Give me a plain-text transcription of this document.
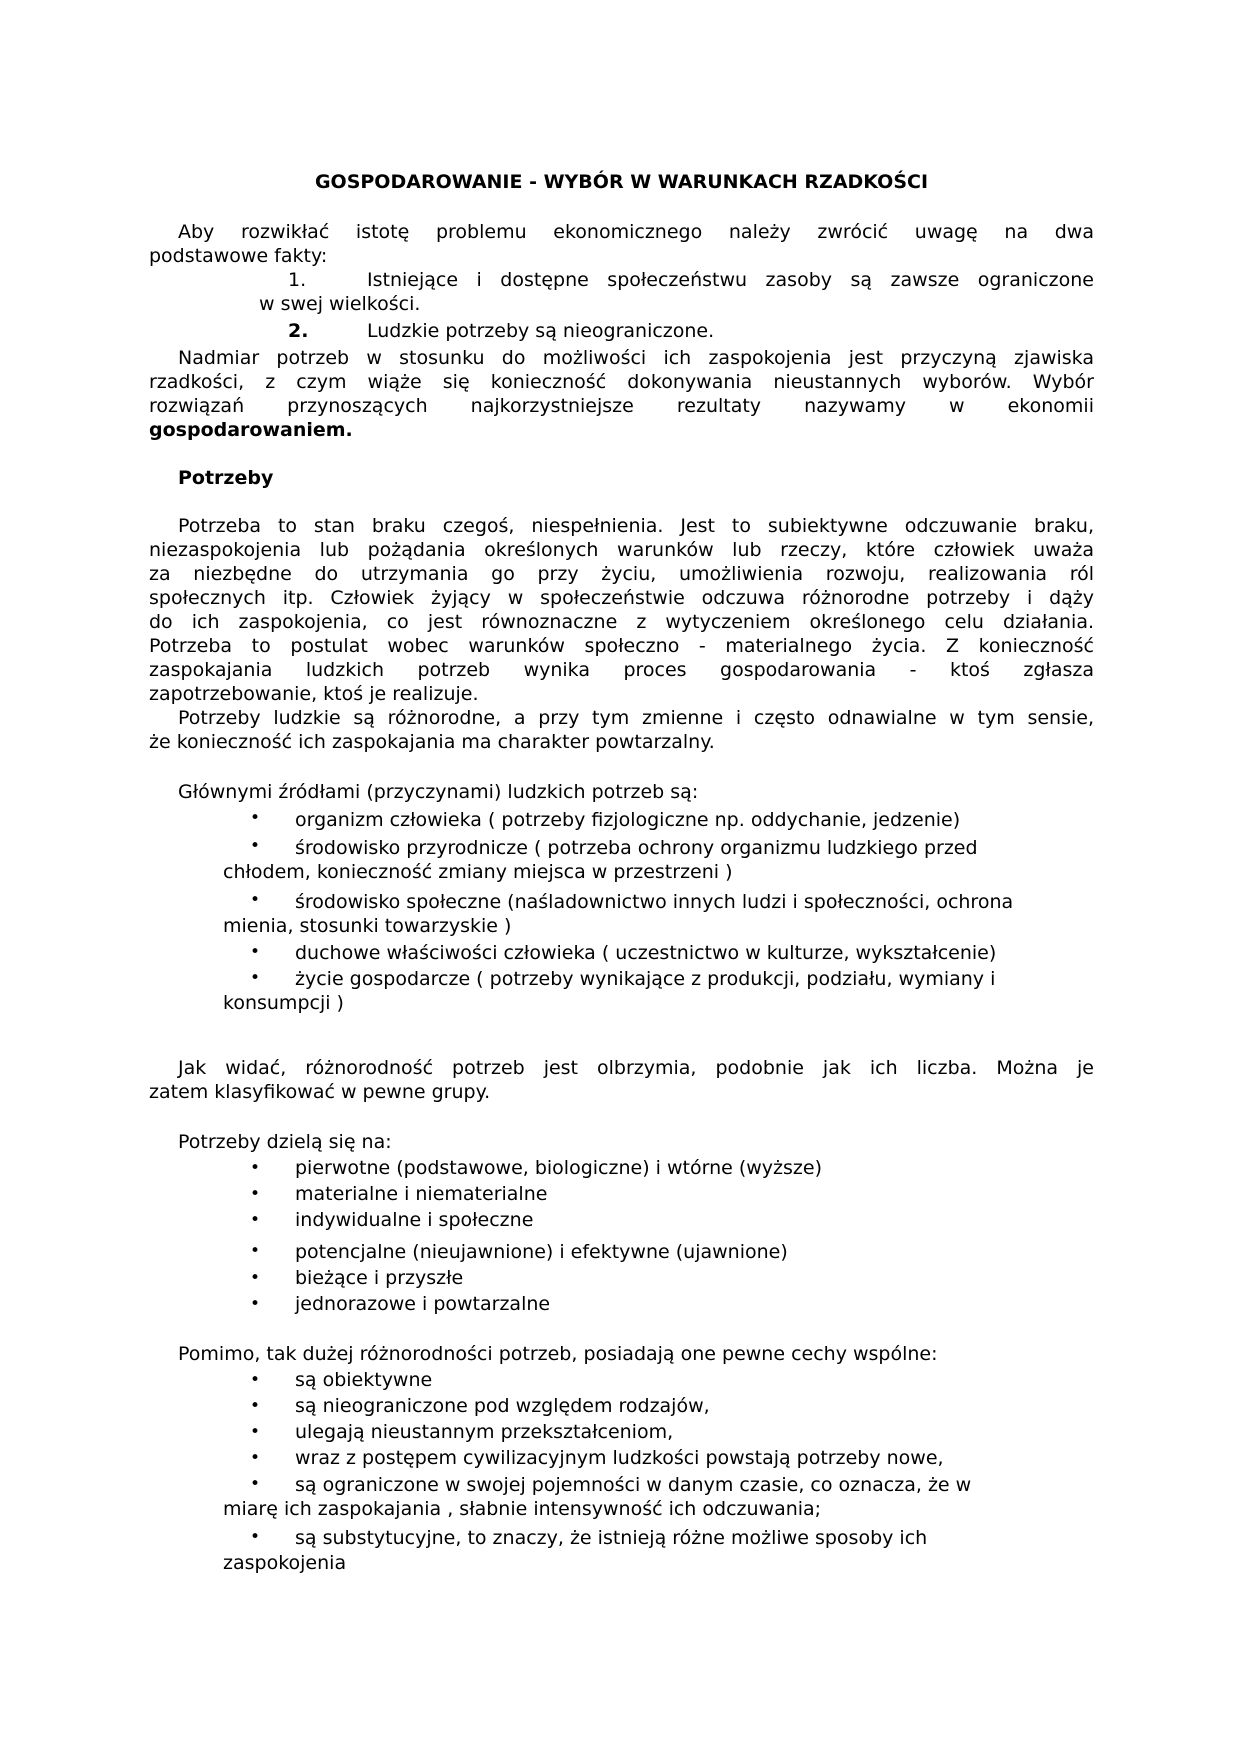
GOSPODAROWANIE - WYBÓR W WARUNKACH RZADKOŚCI
Aby rozwikłać istotę problemu ekonomicznego należy zwrócić uwagę na dwa
podstawowe fakty:
1.	Istniejące i dostępne społeczeństwu zasoby są zawsze ograniczone
w swej wielkości.
2.	Ludzkie potrzeby są nieograniczone.
Nadmiar potrzeb w stosunku do możliwości ich zaspokojenia jest przyczyną zjawiska
rzadkości, z czym wiąże się konieczność dokonywania nieustannych wyborów. Wybór
rozwiązań przynoszących najkorzystniejsze rezultaty nazywamy w ekonomii
gospodarowaniem.
Potrzeby
Potrzeba to stan braku czegoś, niespełnienia. Jest to subiektywne odczuwanie braku,
niezaspokojenia lub pożądania określonych warunków lub rzeczy, które człowiek uważa
za niezbędne do utrzymania go przy życiu, umożliwienia rozwoju, realizowania ról
społecznych itp. Człowiek żyjący w społeczeństwie odczuwa różnorodne potrzeby i dąży
do ich zaspokojenia, co jest równoznaczne z wytyczeniem określonego celu działania.
Potrzeba to postulat wobec warunków społeczno - materialnego życia. Z konieczność
zaspokajania ludzkich potrzeb wynika proces gospodarowania - ktoś zgłasza
zapotrzebowanie, ktoś je realizuje.
Potrzeby ludzkie są różnorodne, a przy tym zmienne i często odnawialne w tym sensie,
że konieczność ich zaspokajania ma charakter powtarzalny.
Głównymi źródłami (przyczynami) ludzkich potrzeb są:
• organizm człowieka ( potrzeby fizjologiczne np. oddychanie, jedzenie)
• środowisko przyrodnicze ( potrzeba ochrony organizmu ludzkiego przed
chłodem, konieczność zmiany miejsca w przestrzeni )
• środowisko społeczne (naśladownictwo innych ludzi i społeczności, ochrona
mienia, stosunki towarzyskie )
• duchowe właściwości człowieka ( uczestnictwo w kulturze, wykształcenie)
• życie gospodarcze ( potrzeby wynikające z produkcji, podziału, wymiany i
konsumpcji )
Jak widać, różnorodność potrzeb jest olbrzymia, podobnie jak ich liczba. Można je
zatem klasyfikować w pewne grupy.
Potrzeby dzielą się na:
• pierwotne (podstawowe, biologiczne) i wtórne (wyższe)
• materialne i niematerialne
• indywidualne i społeczne
• potencjalne (nieujawnione) i efektywne (ujawnione)
• bieżące i przyszłe
• jednorazowe i powtarzalne
Pomimo, tak dużej różnorodności potrzeb, posiadają one pewne cechy wspólne:
• są obiektywne
• są nieograniczone pod względem rodzajów,
• ulegają nieustannym przekształceniom,
• wraz z postępem cywilizacyjnym ludzkości powstają potrzeby nowe,
• są ograniczone w swojej pojemności w danym czasie, co oznacza, że w
miarę ich zaspokajania , słabnie intensywność ich odczuwania;
• są substytucyjne, to znaczy, że istnieją różne możliwe sposoby ich
zaspokojenia
